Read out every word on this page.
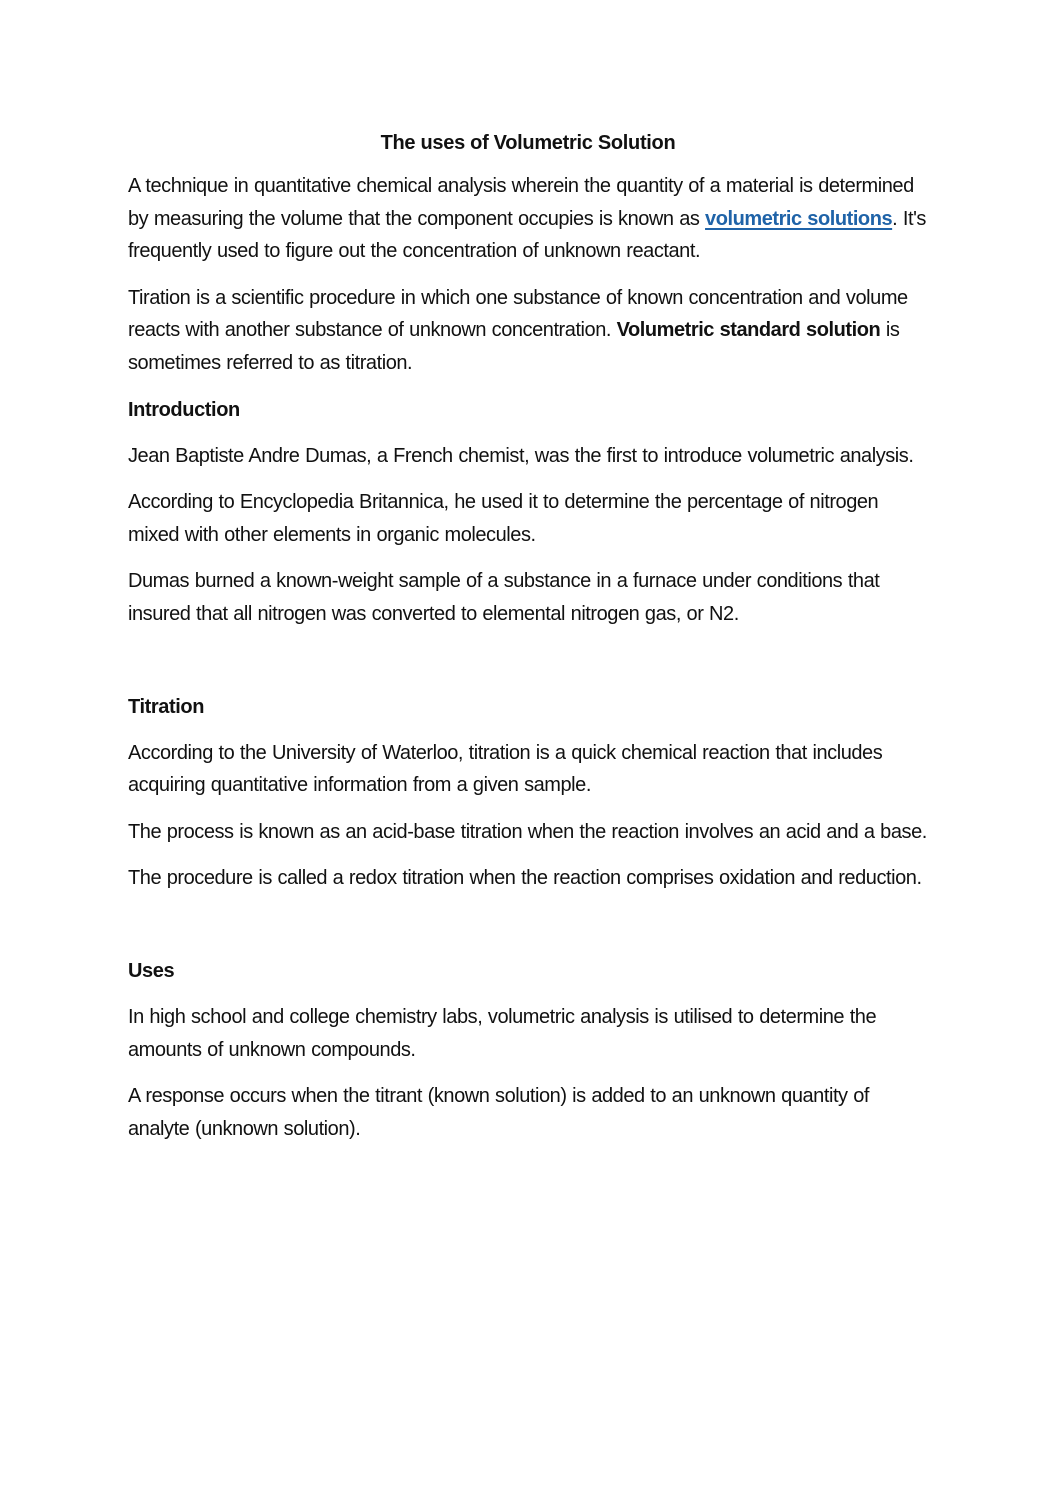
The uses of Volumetric Solution

A technique in quantitative chemical analysis wherein the quantity of a material is determined by measuring the volume that the component occupies is known as volumetric solutions. It's frequently used to figure out the concentration of unknown reactant.

Tiration is a scientific procedure in which one substance of known concentration and volume reacts with another substance of unknown concentration. Volumetric standard solution is sometimes referred to as titration.

Introduction

Jean Baptiste Andre Dumas, a French chemist, was the first to introduce volumetric analysis.

According to Encyclopedia Britannica, he used it to determine the percentage of nitrogen mixed with other elements in organic molecules.

Dumas burned a known-weight sample of a substance in a furnace under conditions that insured that all nitrogen was converted to elemental nitrogen gas, or N2.

Titration

According to the University of Waterloo, titration is a quick chemical reaction that includes acquiring quantitative information from a given sample.

The process is known as an acid-base titration when the reaction involves an acid and a base.

The procedure is called a redox titration when the reaction comprises oxidation and reduction.

Uses

In high school and college chemistry labs, volumetric analysis is utilised to determine the amounts of unknown compounds.

A response occurs when the titrant (known solution) is added to an unknown quantity of analyte (unknown solution).
